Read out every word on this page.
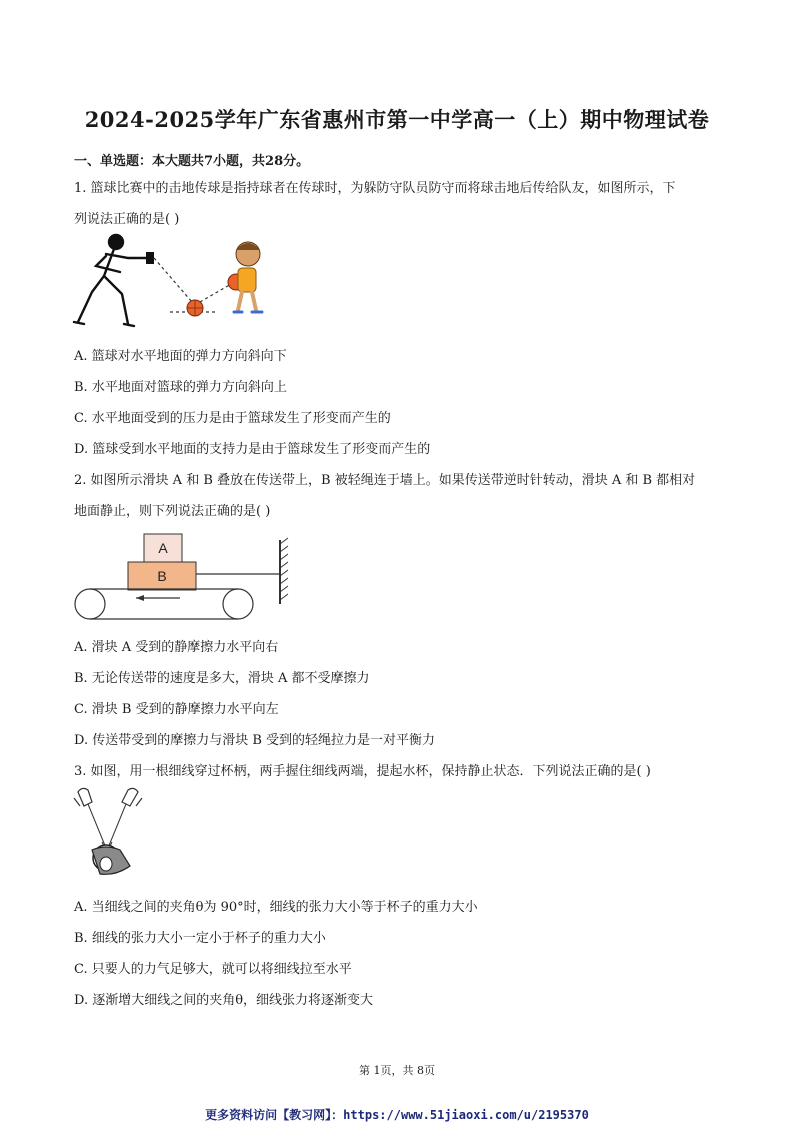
2024-2025学年广东省惠州市第一中学高一（上）期中物理试卷
一、单选题：本大题共7小题，共28分。
1. 篮球比赛中的击地传球是指持球者在传球时，为躲防守队员防守而将球击地后传给队友，如图所示，下
列说法正确的是( )
A. 篮球对水平地面的弹力方向斜向下
B. 水平地面对篮球的弹力方向斜向上
C. 水平地面受到的压力是由于篮球发生了形变而产生的
D. 篮球受到水平地面的支持力是由于篮球发生了形变而产生的
2. 如图所示滑块 A 和 B 叠放在传送带上，B 被轻绳连于墙上。如果传送带逆时针转动，滑块 A 和 B 都相对
地面静止，则下列说法正确的是( )
A
B
A. 滑块 A 受到的静摩擦力水平向右
B. 无论传送带的速度是多大，滑块 A 都不受摩擦力
C. 滑块 B 受到的静摩擦力水平向左
D. 传送带受到的摩擦力与滑块 B 受到的轻绳拉力是一对平衡力
3. 如图，用一根细线穿过杯柄，两手握住细线两端，提起水杯，保持静止状态．下列说法正确的是( )
A. 当细线之间的夹角θ为 90°时，细线的张力大小等于杯子的重力大小
B. 细线的张力大小一定小于杯子的重力大小
C. 只要人的力气足够大，就可以将细线拉至水平
D. 逐渐增大细线之间的夹角θ，细线张力将逐渐变大
第 1页，共 8页
更多资料访问【教习网】：https://www.51jiaoxi.com/u/2195370
